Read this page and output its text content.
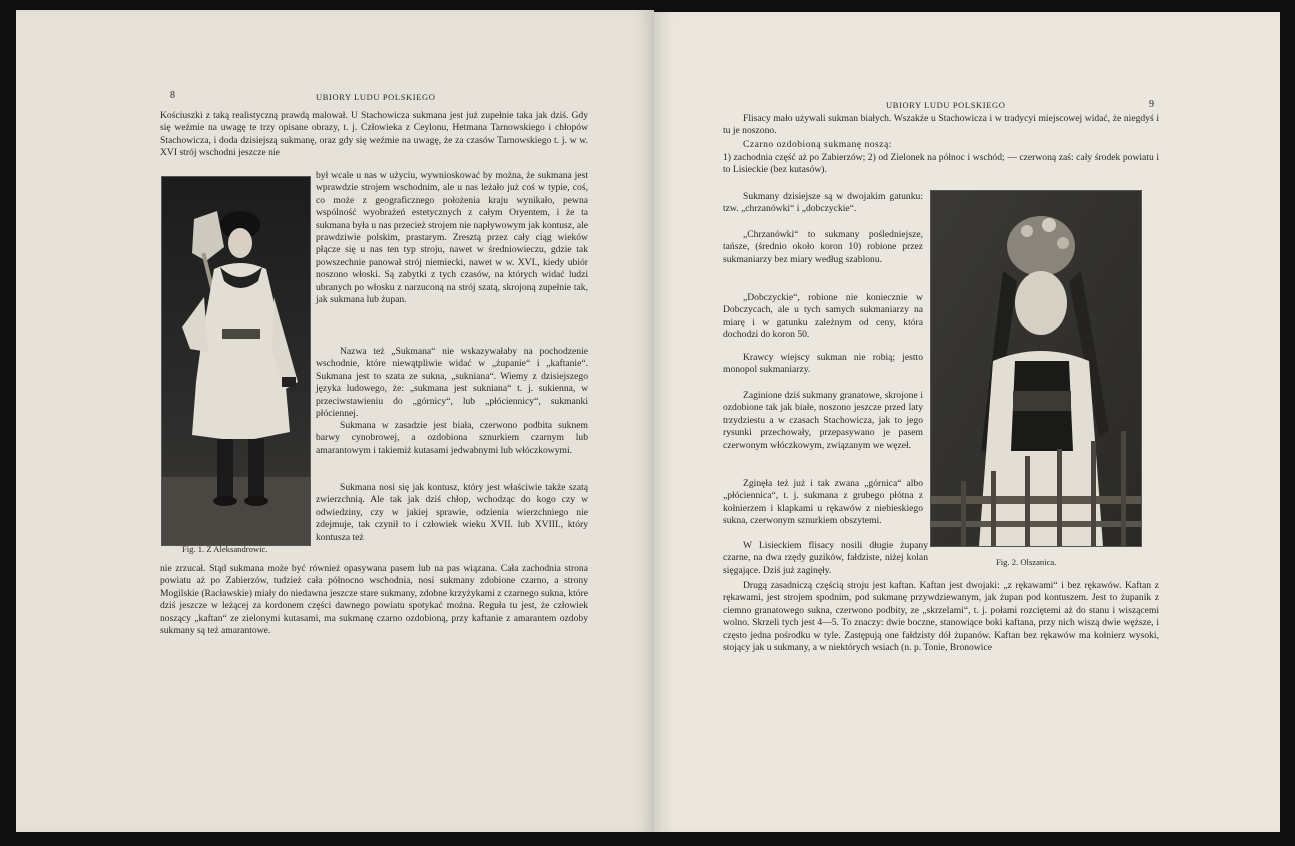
8	UBIORY LUDU POLSKIEGO

Kościuszki z taką realistyczną prawdą malował. U Stachowicza sukmana jest już zupełnie taka jak dziś. Gdy się weźmie na uwagę te trzy opisane obrazy, t. j. Człowieka z Ceylonu, Hetmana Tarnowskiego i chłopów Stachowicza, i doda dzisiejszą sukmanę, oraz gdy się weźmie na uwagę, że za czasów Tarnowskiego t. j. w w. XVI strój wschodni jeszcze nie

był wcale u nas w użyciu, wywnioskować by można, że sukmana jest wprawdzie strojem wschodnim, ale u nas leżało już coś w typie, coś, co może z geograficznego położenia kraju wynikało, pewna wspólność wyobrażeń estetycznych z całym Oryentem, i że ta sukmana była u nas przecież strojem nie napływowym jak kontusz, ale prawdziwie polskim, prastarym. Zresztą przez cały ciąg wieków płącze się u nas ten typ stroju, nawet w średniowieczu, gdzie tak powszechnie panował strój niemiecki, nawet w w. XVI., kiedy ubiór noszono włoski. Są zabytki z tych czasów, na których widać ludzi ubranych po włosku z narzuconą na strój szatą, skrojoną zupełnie tak, jak sukmana lub żupan.

Nazwa też „Sukmana“ nie wskazywałaby na pochodzenie wschodnie, które niewątpliwie widać w „żupanie“ i „kaftanie“. Sukmana jest to szata ze sukna, „sukniana“. Wiemy z dzisiejszego języka ludowego, że: „sukmana jest sukniana“ t. j. sukienna, w przeciwstawieniu do „górnicy“, lub „płóciennicy“, sukmanki płóciennej.

Sukmana w zasadzie jest biała, czerwono podbita suknem barwy cynobrowej, a ozdobiona sznurkiem czarnym lub amarantowym i takiemiż kutasami jedwabnymi lub włóczkowymi.

Sukmana nosi się jak kontusz, który jest właściwie także szatą zwierzchnią. Ale tak jak dziś chłop, wchodząc do kogo czy w odwiedziny, czy w jakiej sprawie, odzienia wierzchniego nie zdejmuje, tak czynił to i człowiek wieku XVII. lub XVIII., który kontusza też

Fig. 1. Z Aleksandrowic.

nie zrzucał. Stąd sukmana może być również opasywana pasem lub na pas wiązana. Cała zachodnia strona powiatu aż po Zabierzów, tudzież cała północno wschodnia, nosi sukmany zdobione czarno, a strony Mogilskie (Racławskie) miały do niedawna jeszcze stare sukmany, zdobne krzyżykami z czarnego sukna, które dziś jeszcze w leżącej za kordonem części dawnego powiatu spotykać można. Reguła tu jest, że człowiek noszący „kaftan“ ze zielonymi kutasami, ma sukmanę czarno ozdobioną, przy kaftanie z amarantem ozdoby sukmany są też amarantowe.

UBIORY LUDU POLSKIEGO	9

Flisacy mało używali sukman białych. Wszakże u Stachowicza i w tradycyi miejscowej widać, że niegdyś i tu je noszono.

Czarno ozdobioną sukmanę noszą:

1) zachodnia część aż po Zabierzów; 2) od Zielonek na północ i wschód; — czerwoną zaś: cały środek powiatu i to Lisieckie (bez kutasów).

Sukmany dzisiejsze są w dwojakim gatunku: tzw. „chrzanówki“ i „dobczyckie“.

„Chrzanówki“ to sukmany pośledniejsze, tańsze, (średnio około koron 10) robione przez sukmaniarzy bez miary według szablonu.

„Dobczyckie“, robione nie koniecznie w Dobczycach, ale u tych samych sukmaniarzy na miarę i w gatunku zależnym od ceny, która dochodzi do koron 50.

Krawcy wiejscy sukman nie robią; jestto monopol sukmaniarzy.

Zaginione dziś sukmany granatowe, skrojone i ozdobione tak jak białe, noszono jeszcze przed laty trzydziestu a w czasach Stachowicza, jak to jego rysunki przechowały, przepasywano je pasem czerwonym włóczkowym, związanym we węzeł.

Zginęła też już i tak zwana „górnica“ albo „płóciennica“, t. j. sukmana z grubego płótna z kołnierzem i klapkami u rękawów z niebieskiego sukna, czerwonym sznurkiem obszytemi.

W Lisieckiem flisacy nosili długie żupany czarne, na dwa rzędy guzików, fałdziste, niżej kolan sięgające. Dziś już zaginęły.

Fig. 2. Olszanica.

Drugą zasadniczą częścią stroju jest kaftan. Kaftan jest dwojaki: „z rękawami“ i bez rękawów. Kaftan z rękawami, jest strojem spodnim, pod sukmanę przywdziewanym, jak żupan pod kontuszem. Jest to żupanik z ciemno granatowego sukna, czerwono podbity, ze „skrzelami“, t. j. połami rozciętemi aż do stanu i wiszącemi wolno. Skrzeli tych jest 4—5. To znaczy: dwie boczne, stanowiące boki kaftana, przy nich wiszą dwie węższe, i często jedna pośrodku w tyle. Zastępują one fałdzisty dół żupanów. Kaftan bez rękawów ma kołnierz wysoki, stojący jak u sukmany, a w niektórych wsiach (n. p. Tonie, Bronowice
